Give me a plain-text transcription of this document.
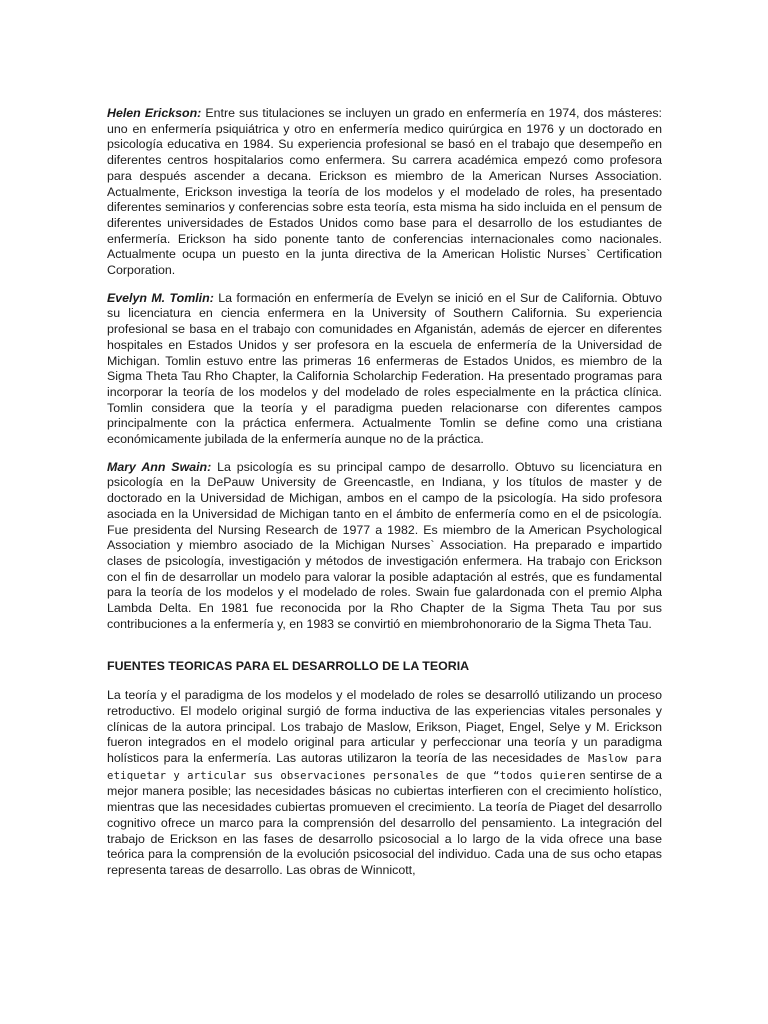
Helen Erickson: Entre sus titulaciones se incluyen un grado en enfermería en 1974, dos másteres: uno en enfermería psiquiátrica y otro en enfermería medico quirúrgica en 1976 y un doctorado en psicología educativa en 1984. Su experiencia profesional se basó en el trabajo que desempeño en diferentes centros hospitalarios como enfermera. Su carrera académica empezó como profesora para después ascender a decana. Erickson es miembro de la American Nurses Association. Actualmente, Erickson investiga la teoría de los modelos y el modelado de roles, ha presentado diferentes seminarios y conferencias sobre esta teoría, esta misma ha sido incluida en el pensum de diferentes universidades de Estados Unidos como base para el desarrollo de los estudiantes de enfermería. Erickson ha sido ponente tanto de conferencias internacionales como nacionales. Actualmente ocupa un puesto en la junta directiva de la American Holistic Nurses` Certification Corporation.

Evelyn M. Tomlin: La formación en enfermería de Evelyn se inició en el Sur de California. Obtuvo su licenciatura en ciencia enfermera en la University of Southern California. Su experiencia profesional se basa en el trabajo con comunidades en Afganistán, además de ejercer en diferentes hospitales en Estados Unidos y ser profesora en la escuela de enfermería de la Universidad de Michigan. Tomlin estuvo entre las primeras 16 enfermeras de Estados Unidos, es miembro de la Sigma Theta Tau Rho Chapter, la California Scholarchip Federation. Ha presentado programas para incorporar la teoría de los modelos y del modelado de roles especialmente en la práctica clínica. Tomlin considera que la teoría y el paradigma pueden relacionarse con diferentes campos principalmente con la práctica enfermera. Actualmente Tomlin se define como una cristiana económicamente jubilada de la enfermería aunque no de la práctica.

Mary Ann Swain: La psicología es su principal campo de desarrollo. Obtuvo su licenciatura en psicología en la DePauw University de Greencastle, en Indiana, y los títulos de master y de doctorado en la Universidad de Michigan, ambos en el campo de la psicología. Ha sido profesora asociada en la Universidad de Michigan tanto en el ámbito de enfermería como en el de psicología. Fue presidenta del Nursing Research de 1977 a 1982. Es miembro de la American Psychological Association y miembro asociado de la Michigan Nurses` Association. Ha preparado e impartido clases de psicología, investigación y métodos de investigación enfermera. Ha trabajo con Erickson con el fin de desarrollar un modelo para valorar la posible adaptación al estrés, que es fundamental para la teoría de los modelos y el modelado de roles. Swain fue galardonada con el premio Alpha Lambda Delta. En 1981 fue reconocida por la Rho Chapter de la Sigma Theta Tau por sus contribuciones a la enfermería y, en 1983 se convirtió en miembrohonorario de la Sigma Theta Tau.

FUENTES TEORICAS PARA EL DESARROLLO DE LA TEORIA

La teoría y el paradigma de los modelos y el modelado de roles se desarrolló utilizando un proceso retroductivo. El modelo original surgió de forma inductiva de las experiencias vitales personales y clínicas de la autora principal. Los trabajo de Maslow, Erikson, Piaget, Engel, Selye y M. Erickson fueron integrados en el modelo original para articular y perfeccionar una teoría y un paradigma holísticos para la enfermería. Las autoras utilizaron la teoría de las necesidades de Maslow para etiquetar y articular sus observaciones personales de que “todos quieren sentirse de a mejor manera posible; las necesidades básicas no cubiertas interfieren con el crecimiento holístico, mientras que las necesidades cubiertas promueven el crecimiento. La teoría de Piaget del desarrollo cognitivo ofrece un marco para la comprensión del desarrollo del pensamiento. La integración del trabajo de Erickson en las fases de desarrollo psicosocial a lo largo de la vida ofrece una base teórica para la comprensión de la evolución psicosocial del individuo. Cada una de sus ocho etapas representa tareas de desarrollo. Las obras de Winnicott,
